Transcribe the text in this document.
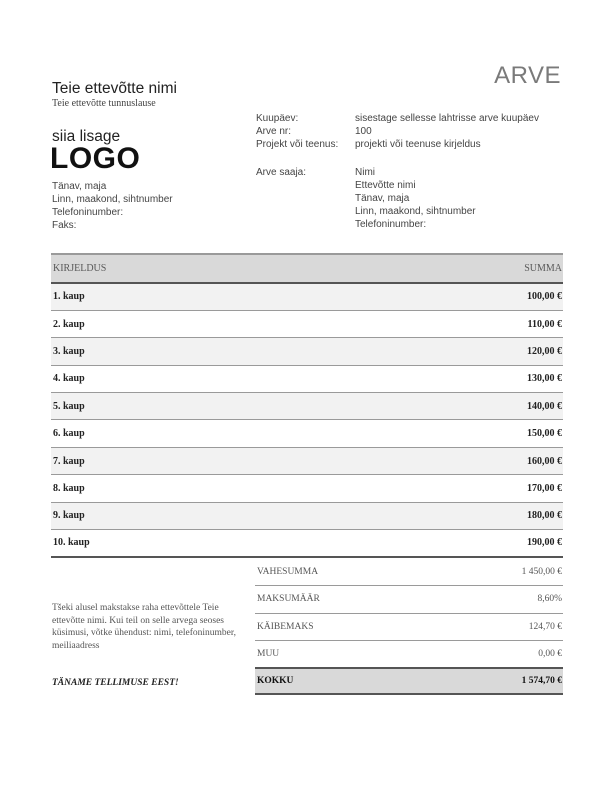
Teie ettevõtte nimi
Teie ettevõtte tunnuslause
siia lisage
LOGO
Tänav, maja
Linn, maakond, sihtnumber
Telefoninumber:
Faks:
ARVE
Kuupäev:	sisestage sellesse lahtrisse arve kuupäev
Arve nr:	100
Projekt või teenus:	projekti või teenuse kirjeldus
Arve saaja:	Nimi
Ettevõtte nimi
Tänav, maja
Linn, maakond, sihtnumber
Telefoninumber:
KIRJELDUS	SUMMA
1. kaup	100,00 €
2. kaup	110,00 €
3. kaup	120,00 €
4. kaup	130,00 €
5. kaup	140,00 €
6. kaup	150,00 €
7. kaup	160,00 €
8. kaup	170,00 €
9. kaup	180,00 €
10. kaup	190,00 €
VAHESUMMA	1 450,00 €
MAKSUMÄÄR	8,60%
KÄIBEMAKS	124,70 €
MUU	0,00 €
KOKKU	1 574,70 €
Tšeki alusel makstakse raha ettevõttele Teie ettevõtte nimi. Kui teil on selle arvega seoses küsimusi, võtke ühendust: nimi, telefoninumber, meiliaadress
TÄNAME TELLIMUSE EEST!
